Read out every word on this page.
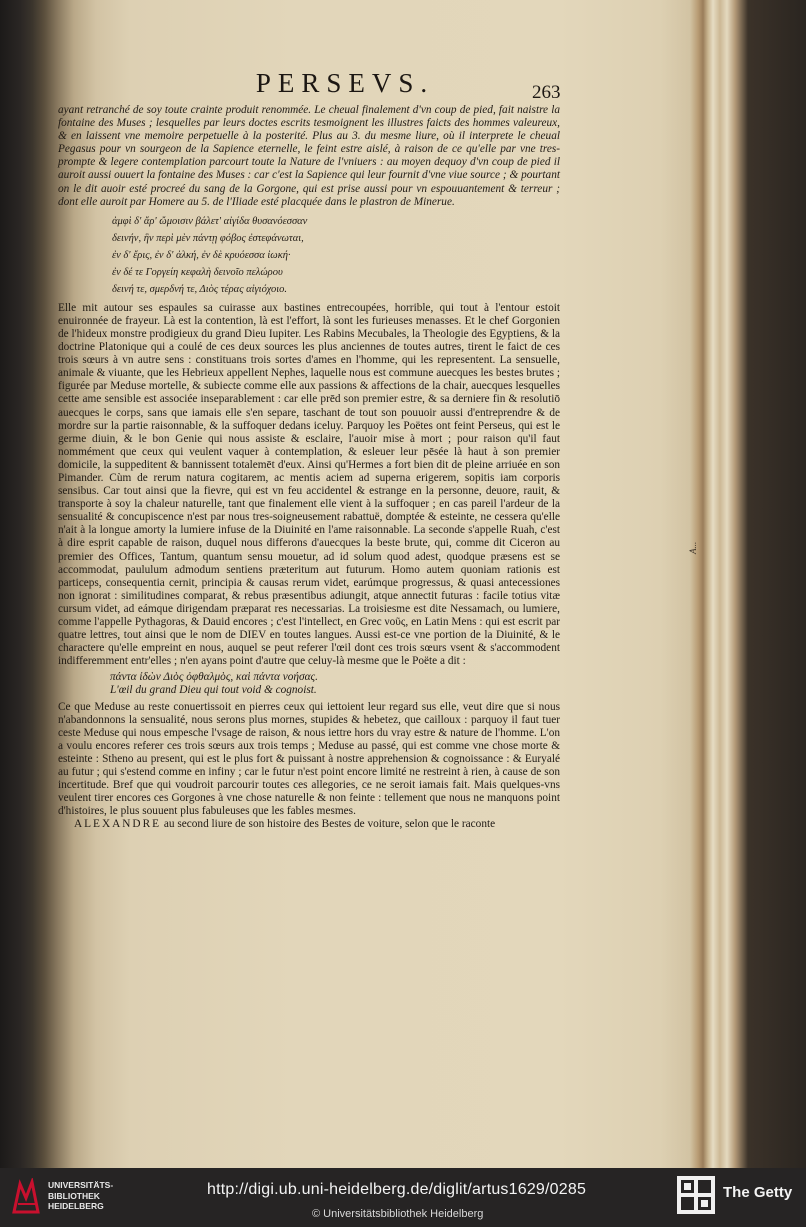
PERSEVS.	263

ayant retranché de soy toute crainte produit renommée. Le cheual finalement d'vn coup de pied, fait naistre la fontaine des Muses ; lesquelles par leurs doctes escrits tesmoignent les illustres faicts des hommes valeureux, & en laissent vne memoire perpetuelle à la posterité. Plus au 3. du mesme liure, où il interprete le cheual Pegasus pour vn sourgeon de la Sapience eternelle, le feint estre aislé, à raison de ce qu'elle par vne tres-prompte & legere contemplation parcourt toute la Nature de l'vniuers : au moyen dequoy d'vn coup de pied il auroit aussi ouuert la fontaine des Muses : car c'est la Sapience qui leur fournit d'vne viue source ; & pourtant on le dit auoir esté procreé du sang de la Gorgone, qui est prise aussi pour vn espouuantement & terreur ; dont elle auroit par Homere au 5. de l'Iliade esté placquée dans le plastron de Minerue.

ἀμφὶ δ' ἄρ' ὤμοισιν βάλετ' αἰγίδα θυσανόεσσαν
δεινήν, ἣν περὶ μὲν πάντῃ φόβος ἐστεφάνωται,
ἐν δ' ἔρις, ἐν δ' ἀλκή, ἐν δὲ κρυόεσσα ἰωκή·
ἐν δέ τε Γοργείη κεφαλὴ δεινοῖο πελώρου
δεινή τε, σμερδνή τε, Διὸς τέρας αἰγιόχοιο.

Elle mit autour ses espaules sa cuirasse aux bastines entrecoupées, horrible, qui tout à l'entour estoit enuironnée de frayeur. Là est la contention, là est l'effort, là sont les furieuses menasses. Et le chef Gorgonien de l'hideux monstre prodigieux du grand Dieu Iupiter. Les Rabins Mecubales, la Theologie des Egyptiens, & la doctrine Platonique qui a coulé de ces deux sources les plus anciennes de toutes autres, tirent le faict de ces trois sœurs à vn autre sens : constituans trois sortes d'ames en l'homme, qui les representent. La sensuelle, animale & viuante, que les Hebrieux appellent Nephes, laquelle nous est commune auecques les bestes brutes ; figurée par Meduse mortelle, & subiecte comme elle aux passions & affections de la chair, auecques lesquelles cette ame sensible est associée inseparablement : car elle prēd son premier estre, & sa derniere fin & resolutiō auecques le corps, sans que iamais elle s'en separe, taschant de tout son pouuoir aussi d'entreprendre & de mordre sur la partie raisonnable, & la suffoquer dedans iceluy. Parquoy les Poëtes ont feint Perseus, qui est le germe diuin, & le bon Genie qui nous assiste & esclaire, l'auoir mise à mort ; pour raison qu'il faut nommément que ceux qui veulent vaquer à contemplation, & esleuer leur pēsée là haut à son premier domicile, la suppeditent & bannissent totalemēt d'eux. Ainsi qu'Hermes a fort bien dit de pleine arriuée en son Pimander. Cùm de rerum natura cogitarem, ac mentis aciem ad superna erigerem, sopitis iam corporis sensibus. Car tout ainsi que la fievre, qui est vn feu accidentel & estrange en la personne, deuore, rauit, & transporte à soy la chaleur naturelle, tant que finalement elle vient à la suffoquer ; en cas pareil l'ardeur de la sensualité & concupiscence n'est par nous tres-soigneusement rabattuë, domptée & esteinte, ne cessera qu'elle n'ait à la longue amorty la lumiere infuse de la Diuinité en l'ame raisonnable. La seconde s'appelle Ruah, c'est à dire esprit capable de raison, duquel nous differons d'auecques la beste brute, qui, comme dit Ciceron au premier des Offices, Tantum, quantum sensu mouetur, ad id solum quod adest, quodque præsens est se accommodat, paululum admodum sentiens præteritum aut futurum. Homo autem quoniam rationis est particeps, consequentia cernit, principia & causas rerum videt, earúmque progressus, & quasi antecessiones non ignorat : similitudines comparat, & rebus præsentibus adiungit, atque annectit futuras : facile totius vitæ cursum videt, ad eámque dirigendam præparat res necessarias. La troisiesme est dite Nessamach, ou lumiere, comme l'appelle Pythagoras, & Dauid encores ; c'est l'intellect, en Grec νοῦς, en Latin Mens : qui est escrit par quatre lettres, tout ainsi que le nom de DIEV en toutes langues. Aussi est-ce vne portion de la Diuinité, & le charactere qu'elle empreint en nous, auquel se peut referer l'œil dont ces trois sœurs vsent & s'accommodent indifferemment entr'elles ; n'en ayans point d'autre que celuy-là mesme que le Poëte a dit :

πάντα ἰδὼν Διὸς ὀφθαλμὸς, καὶ πάντα νοήσας.
L'œil du grand Dieu qui tout void & cognoist.

Ce que Meduse au reste conuertissoit en pierres ceux qui iettoient leur regard sus elle, veut dire que si nous n'abandonnons la sensualité, nous serons plus mornes, stupides & hebetez, que cailloux : parquoy il faut tuer ceste Meduse qui nous empesche l'vsage de raison, & nous iettre hors du vray estre & nature de l'homme. L'on a voulu encores referer ces trois sœurs aux trois temps ; Meduse au passé, qui est comme vne chose morte & esteinte : Stheno au present, qui est le plus fort & puissant à nostre apprehension & cognoissance : & Euryalé au futur ; qui s'estend comme en infiny ; car le futur n'est point encore limité ne restreint à rien, à cause de son incertitude. Bref que qui voudroit parcourir toutes ces allegories, ce ne seroit iamais fait. Mais quelques-vns veulent tirer encores ces Gorgones à vne chose naturelle & non feinte : tellement que nous ne manquons point d'histoires, le plus souuent plus fabuleuses que les fables mesmes.

ALEXANDRE au second liure de son histoire des Bestes de voiture, selon que le raconte

A...
UNIVERSITÄTS-
BIBLIOTHEK
HEIDELBERG
http://digi.ub.uni-heidelberg.de/diglit/artus1629/0285
© Universitätsbibliothek Heidelberg
The Getty
